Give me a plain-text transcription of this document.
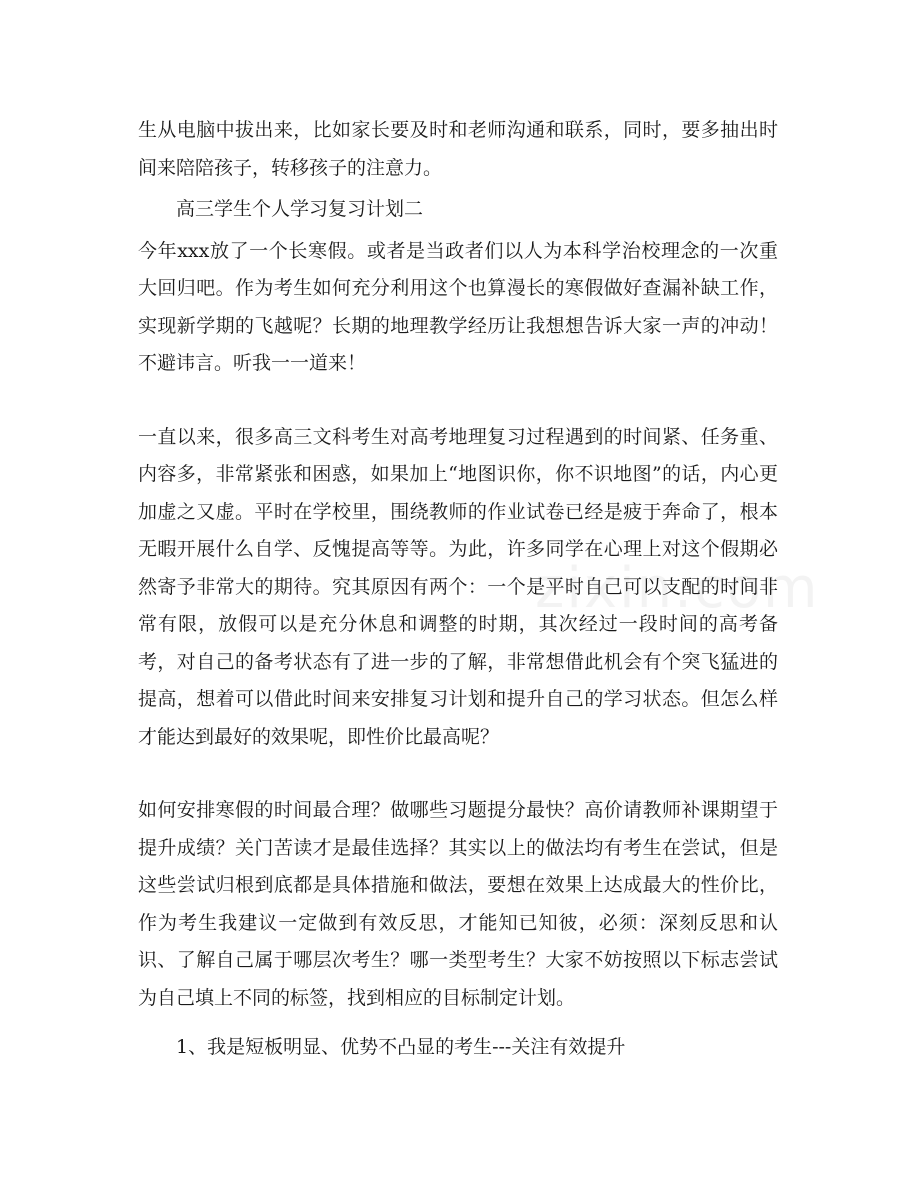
生从电脑中拔出来，比如家长要及时和老师沟通和联系，同时，要多抽出时间来陪陪孩子，转移孩子的注意力。

高三学生个人学习复习计划二

今年xxx放了一个长寒假。或者是当政者们以人为本科学治校理念的一次重大回归吧。作为考生如何充分利用这个也算漫长的寒假做好查漏补缺工作，实现新学期的飞越呢？长期的地理教学经历让我想想告诉大家一声的冲动！不避讳言。听我一一道来！

一直以来，很多高三文科考生对高考地理复习过程遇到的时间紧、任务重、内容多，非常紧张和困惑，如果加上“地图识你，你不识地图”的话，内心更加虚之又虚。平时在学校里，围绕教师的作业试卷已经是疲于奔命了，根本无暇开展什么自学、反愧提高等等。为此，许多同学在心理上对这个假期必然寄予非常大的期待。究其原因有两个：一个是平时自己可以支配的时间非常有限，放假可以是充分休息和调整的时期，其次经过一段时间的高考备考，对自己的备考状态有了进一步的了解，非常想借此机会有个突飞猛进的提高，想着可以借此时间来安排复习计划和提升自己的学习状态。但怎么样才能达到最好的效果呢，即性价比最高呢？

如何安排寒假的时间最合理？做哪些习题提分最快？高价请教师补课期望于提升成绩？关门苦读才是最佳选择？其实以上的做法均有考生在尝试，但是这些尝试归根到底都是具体措施和做法，要想在效果上达成最大的性价比，作为考生我建议一定做到有效反思，才能知已知彼，必须：深刻反思和认识、了解自己属于哪层次考生？哪一类型考生？大家不妨按照以下标志尝试为自己填上不同的标签，找到相应的目标制定计划。

1、我是短板明显、优势不凸显的考生---关注有效提升
